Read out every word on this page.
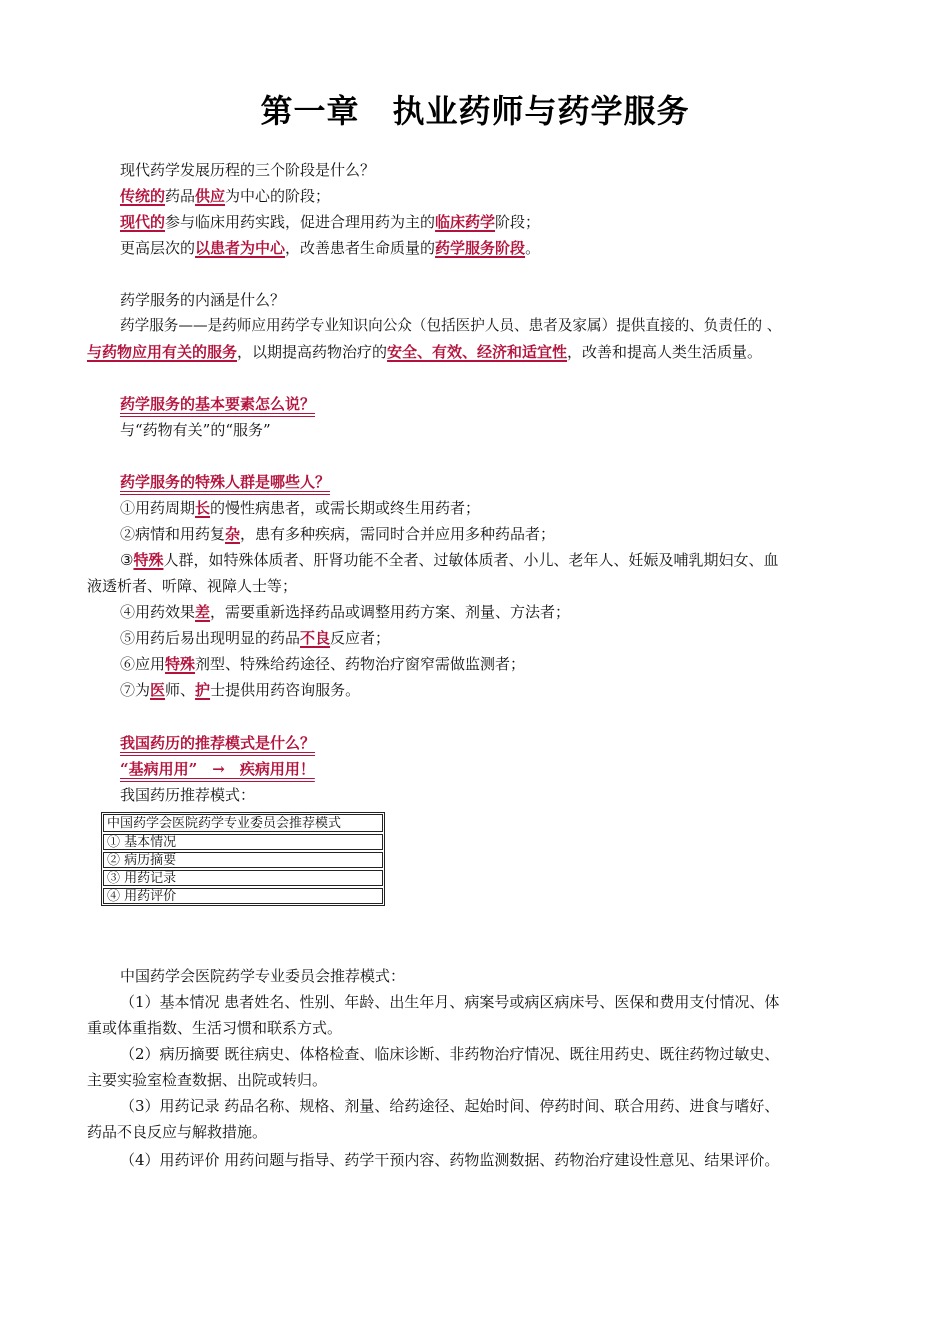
第一章　执业药师与药学服务
现代药学发展历程的三个阶段是什么？
传统的药品供应为中心的阶段；
现代的参与临床用药实践，促进合理用药为主的临床药学阶段；
更高层次的以患者为中心，改善患者生命质量的药学服务阶段。
药学服务的内涵是什么？
药学服务——是药师应用药学专业知识向公众（包括医护人员、患者及家属）提供直接的、负责任的 、
与药物应用有关的服务，以期提高药物治疗的安全、有效、经济和适宜性，改善和提高人类生活质量。
药学服务的基本要素怎么说？
与“药物有关”的“服务”
药学服务的特殊人群是哪些人？
①用药周期长的慢性病患者，或需长期或终生用药者；
②病情和用药复杂，患有多种疾病，需同时合并应用多种药品者；
③特殊人群，如特殊体质者、肝肾功能不全者、过敏体质者、小儿、老年人、妊娠及哺乳期妇女、血
液透析者、听障、视障人士等；
④用药效果差，需要重新选择药品或调整用药方案、剂量、方法者；
⑤用药后易出现明显的药品不良反应者；
⑥应用特殊剂型、特殊给药途径、药物治疗窗窄需做监测者；
⑦为医师、护士提供用药咨询服务。
我国药历的推荐模式是什么？
“基病用用”　→　疾病用用！
我国药历推荐模式：
中国药学会医院药学专业委员会推荐模式
① 基本情况
② 病历摘要
③ 用药记录
④ 用药评价
中国药学会医院药学专业委员会推荐模式：
（1）基本情况 患者姓名、性别、年龄、出生年月、病案号或病区病床号、医保和费用支付情况、体
重或体重指数、生活习惯和联系方式。
（2）病历摘要 既往病史、体格检查、临床诊断、非药物治疗情况、既往用药史、既往药物过敏史、
主要实验室检查数据、出院或转归。
（3）用药记录 药品名称、规格、剂量、给药途径、起始时间、停药时间、联合用药、进食与嗜好、
药品不良反应与解救措施。
（4）用药评价 用药问题与指导、药学干预内容、药物监测数据、药物治疗建设性意见、结果评价。
